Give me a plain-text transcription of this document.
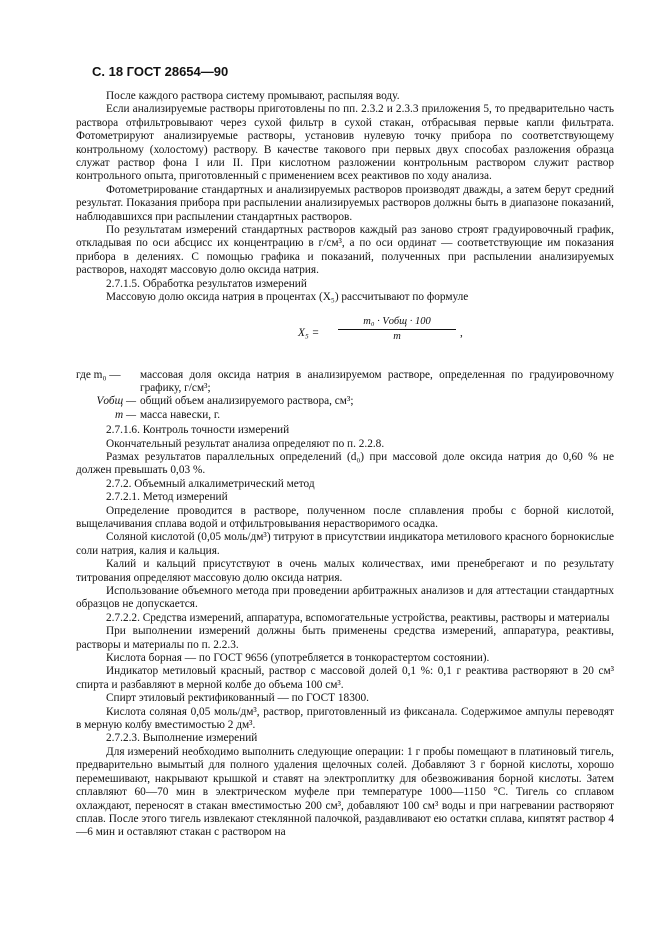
С. 18 ГОСТ 28654—90

После каждого раствора систему промывают, распыляя воду.

Если анализируемые растворы приготовлены по пп. 2.3.2 и 2.3.3 приложения 5, то предварительно часть раствора отфильтровывают через сухой фильтр в сухой стакан, отбрасывая первые капли фильтрата. Фотометрируют анализируемые растворы, установив нулевую точку прибора по соответствующему контрольному (холостому) раствору. В качестве такового при первых двух способах разложения образца служат раствор фона I или II. При кислотном разложении контрольным раствором служит раствор контрольного опыта, приготовленный с применением всех реактивов по ходу анализа.

Фотометрирование стандартных и анализируемых растворов производят дважды, а затем берут средний результат. Показания прибора при распылении анализируемых растворов должны быть в диапазоне показаний, наблюдавшихся при распылении стандартных растворов.

По результатам измерений стандартных растворов каждый раз заново строят градуировочный график, откладывая по оси абсцисс их концентрацию в г/см³, а по оси ординат — соответствующие им показания прибора в делениях. С помощью графика и показаний, полученных при распылении анализируемых растворов, находят массовую долю оксида натрия.

2.7.1.5. Обработка результатов измерений

Массовую долю оксида натрия в процентах (X₅) рассчитывают по формуле

X₅ =
m₀ · Vобщ · 100
m	,
где m₀ —	массовая доля оксида натрия в анализируемом растворе, определенная по градуировочному графику, г/см³;
Vобщ — общий объем анализируемого раствора, см³;
m — масса навески, г.

2.7.1.6. Контроль точности измерений

Окончательный результат анализа определяют по п. 2.2.8.

Размах результатов параллельных определений (d₀) при массовой доле оксида натрия до 0,60 % не должен превышать 0,03 %.

2.7.2. Объемный алкалиметрический метод

2.7.2.1. Метод измерений

Определение проводится в растворе, полученном после сплавления пробы с борной кислотой, выщелачивания сплава водой и отфильтровывания нерастворимого осадка.

Соляной кислотой (0,05 моль/дм³) титруют в присутствии индикатора метилового красного борнокислые соли натрия, калия и кальция.

Калий и кальций присутствуют в очень малых количествах, ими пренебрегают и по результату титрования определяют массовую долю оксида натрия.

Использование объемного метода при проведении арбитражных анализов и для аттестации стандартных образцов не допускается.

2.7.2.2. Средства измерений, аппаратура, вспомогательные устройства, реактивы, растворы и материалы

При выполнении измерений должны быть применены средства измерений, аппаратура, реактивы, растворы и материалы по п. 2.2.3.

Кислота борная — по ГОСТ 9656 (употребляется в тонкорастертом состоянии).

Индикатор метиловый красный, раствор с массовой долей 0,1 %: 0,1 г реактива растворяют в 20 см³ спирта и разбавляют в мерной колбе до объема 100 см³.

Спирт этиловый ректификованный — по ГОСТ 18300.

Кислота соляная 0,05 моль/дм³, раствор, приготовленный из фиксанала. Содержимое ампулы переводят в мерную колбу вместимостью 2 дм³.

2.7.2.3. Выполнение измерений

Для измерений необходимо выполнить следующие операции: 1 г пробы помещают в платиновый тигель, предварительно вымытый для полного удаления щелочных солей. Добавляют 3 г борной кислоты, хорошо перемешивают, накрывают крышкой и ставят на электроплитку для обезвоживания борной кислоты. Затем сплавляют 60—70 мин в электрическом муфеле при температуре 1000—1150 °С. Тигель со сплавом охлаждают, переносят в стакан вместимостью 200 см³, добавляют 100 см³ воды и при нагревании растворяют сплав. После этого тигель извлекают стеклянной палочкой, раздавливают ею остатки сплава, кипятят раствор 4—6 мин и оставляют стакан с раствором на
